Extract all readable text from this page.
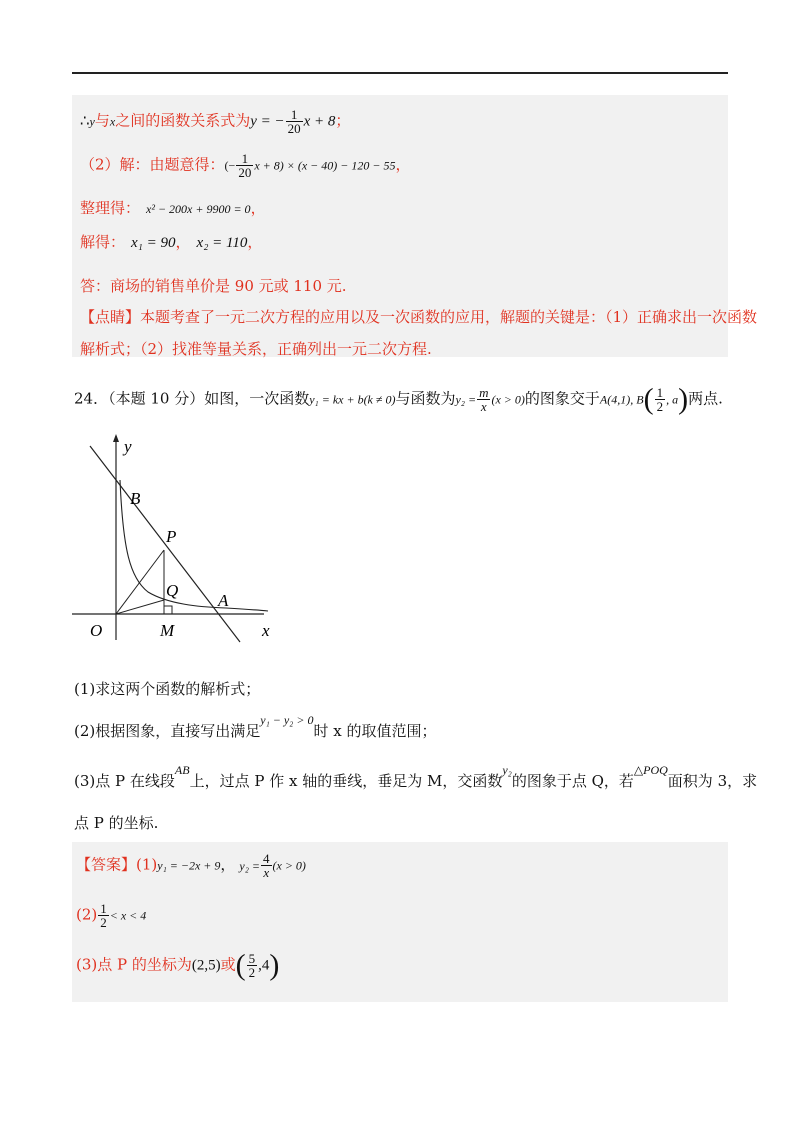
∴y与x之间的函数关系式为y = − $\frac{1}{20}$ x + 8；
（2）解：由题意得：(− $\frac{1}{20}$ x + 8) × (x − 40) − 120 − 55，
整理得： x² − 200x + 9900 = 0，
解得： x₁ = 90， x₂ = 110，
答：商场的销售单价是 90 元或 110 元.
【点睛】本题考查了一元二次方程的应用以及一次函数的应用，解题的关键是：（1）正确求出一次函数
解析式；（2）找准等量关系，正确列出一元二次方程.
24．（本题 10 分）如图，一次函数y₁ = kx + b(k ≠ 0)与函数为$y_2 = \frac{m}{x} (x > 0)$的图象交于A(4,1), $B( \frac{1}{2}$ , a)两点.
y
x
O	M
B
P
Q
A
(1)求这两个函数的解析式；
(2)根据图象，直接写出满足$^{y_1 - y_2 > 0}$时 x 的取值范围；
(3)点 P 在线段$^{AB}$上，过点 P 作 x 轴的垂线，垂足为 M，交函数$^{y_2}$的图象于点 Q，若$^{\triangle POQ}$面积为 3，求
点 P 的坐标.
【答案】(1)y₁ = −2x + 9， $y_2 = \frac{4}{x} (x > 0)$
$(2) \frac{1}{2} < x < 4$
(3)点 P 的坐标为(2,5)或( $\frac{5}{2} ,4$)
